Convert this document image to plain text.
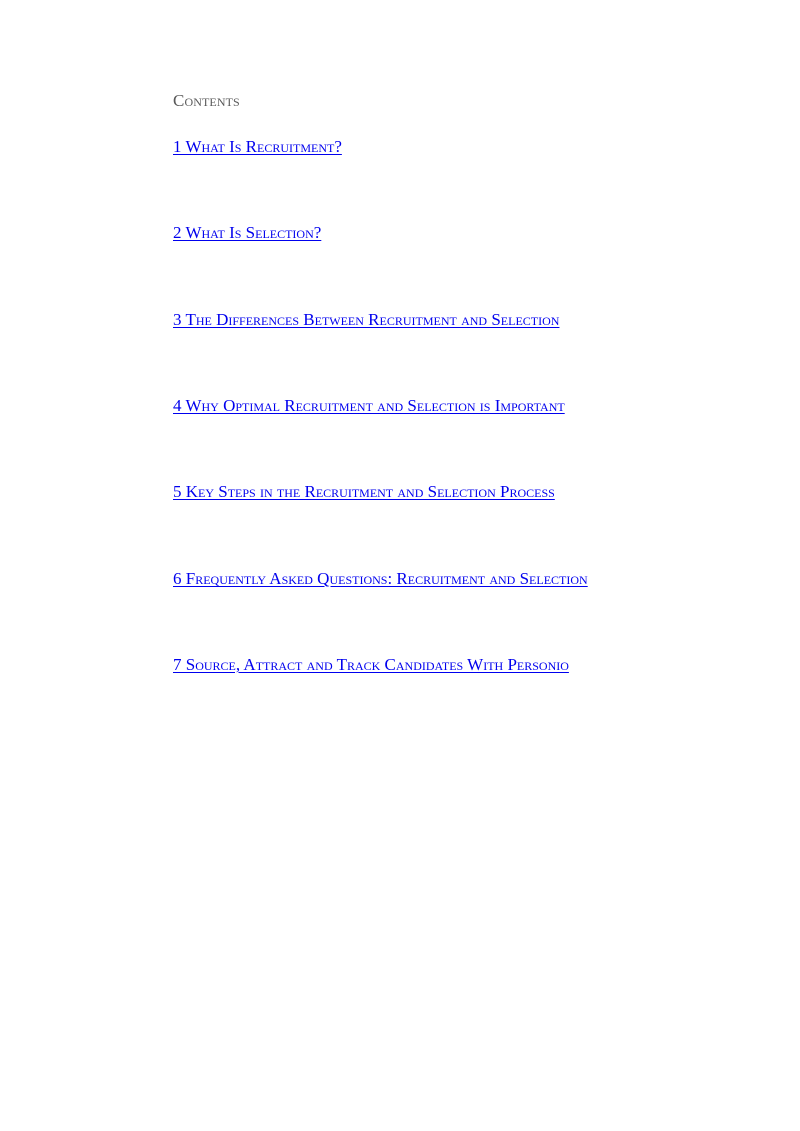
Contents
1 What Is Recruitment?
2 What Is Selection?
3 The Differences Between Recruitment and Selection
4 Why Optimal Recruitment and Selection is Important
5 Key Steps in the Recruitment and Selection Process
6 Frequently Asked Questions: Recruitment and Selection
7 Source, Attract and Track Candidates With Personio
